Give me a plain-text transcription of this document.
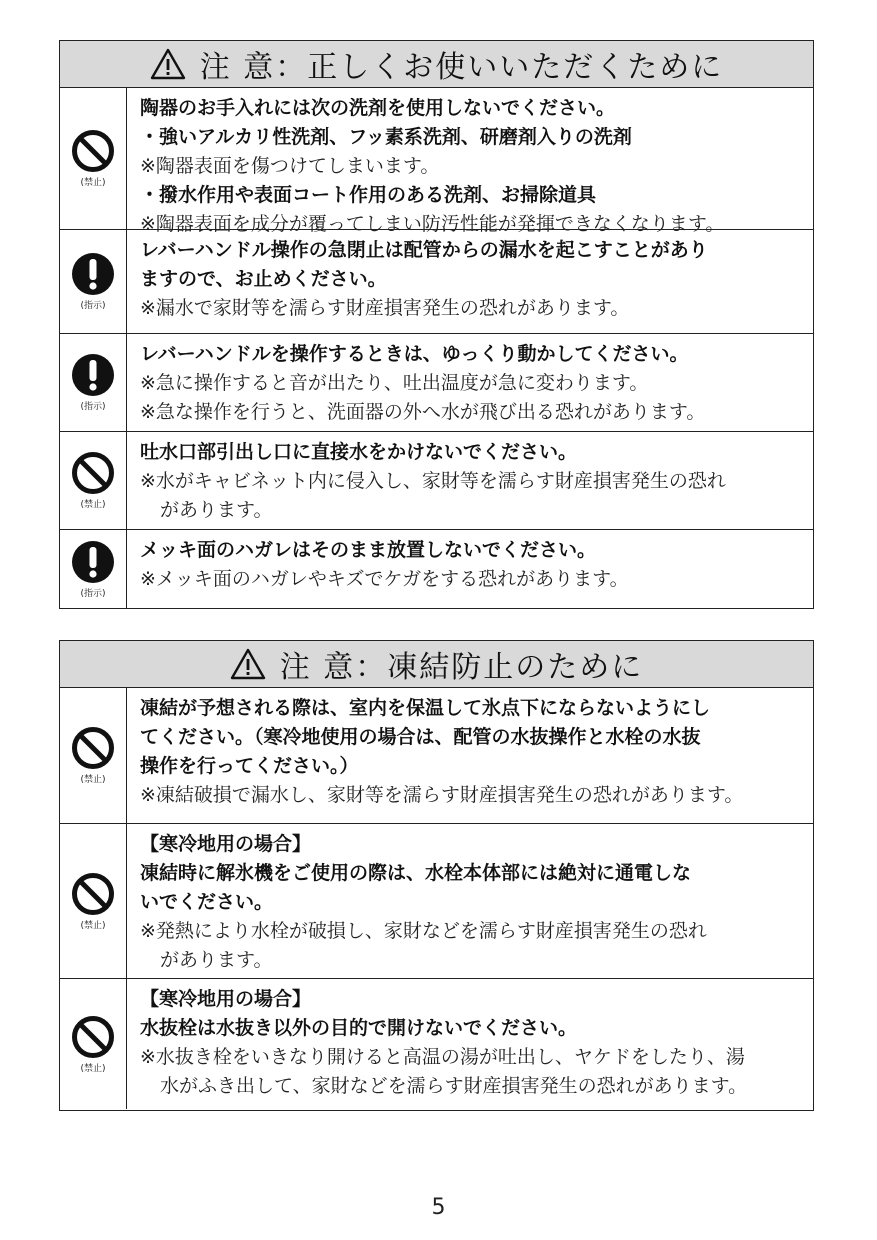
注 意：正しくお使いいただくために
(禁止)
陶器のお手入れには次の洗剤を使用しないでください。
・強いアルカリ性洗剤、フッ素系洗剤、研磨剤入りの洗剤
※陶器表面を傷つけてしまいます。
・撥水作用や表面コート作用のある洗剤、お掃除道具
※陶器表面を成分が覆ってしまい防汚性能が発揮できなくなります。
(指示)
レバーハンドル操作の急閉止は配管からの漏水を起こすことがあり
ますので、お止めください。
※漏水で家財等を濡らす財産損害発生の恐れがあります。
(指示)
レバーハンドルを操作するときは、ゆっくり動かしてください。
※急に操作すると音が出たり、吐出温度が急に変わります。
※急な操作を行うと、洗面器の外へ水が飛び出る恐れがあります。
(禁止)
吐水口部引出し口に直接水をかけないでください。
※水がキャビネット内に侵入し、家財等を濡らす財産損害発生の恐れ
があります。
(指示)
メッキ面のハガレはそのまま放置しないでください。
※メッキ面のハガレやキズでケガをする恐れがあります。
注 意：凍結防止のために
(禁止)
凍結が予想される際は、室内を保温して氷点下にならないようにし
てください。（寒冷地使用の場合は、配管の水抜操作と水栓の水抜
操作を行ってください。）
※凍結破損で漏水し、家財等を濡らす財産損害発生の恐れがあります。
(禁止)
【寒冷地用の場合】
凍結時に解氷機をご使用の際は、水栓本体部には絶対に通電しな
いでください。
※発熱により水栓が破損し、家財などを濡らす財産損害発生の恐れ
があります。
(禁止)
【寒冷地用の場合】
水抜栓は水抜き以外の目的で開けないでください。
※水抜き栓をいきなり開けると高温の湯が吐出し、ヤケドをしたり、湯
水がふき出して、家財などを濡らす財産損害発生の恐れがあります。
5
